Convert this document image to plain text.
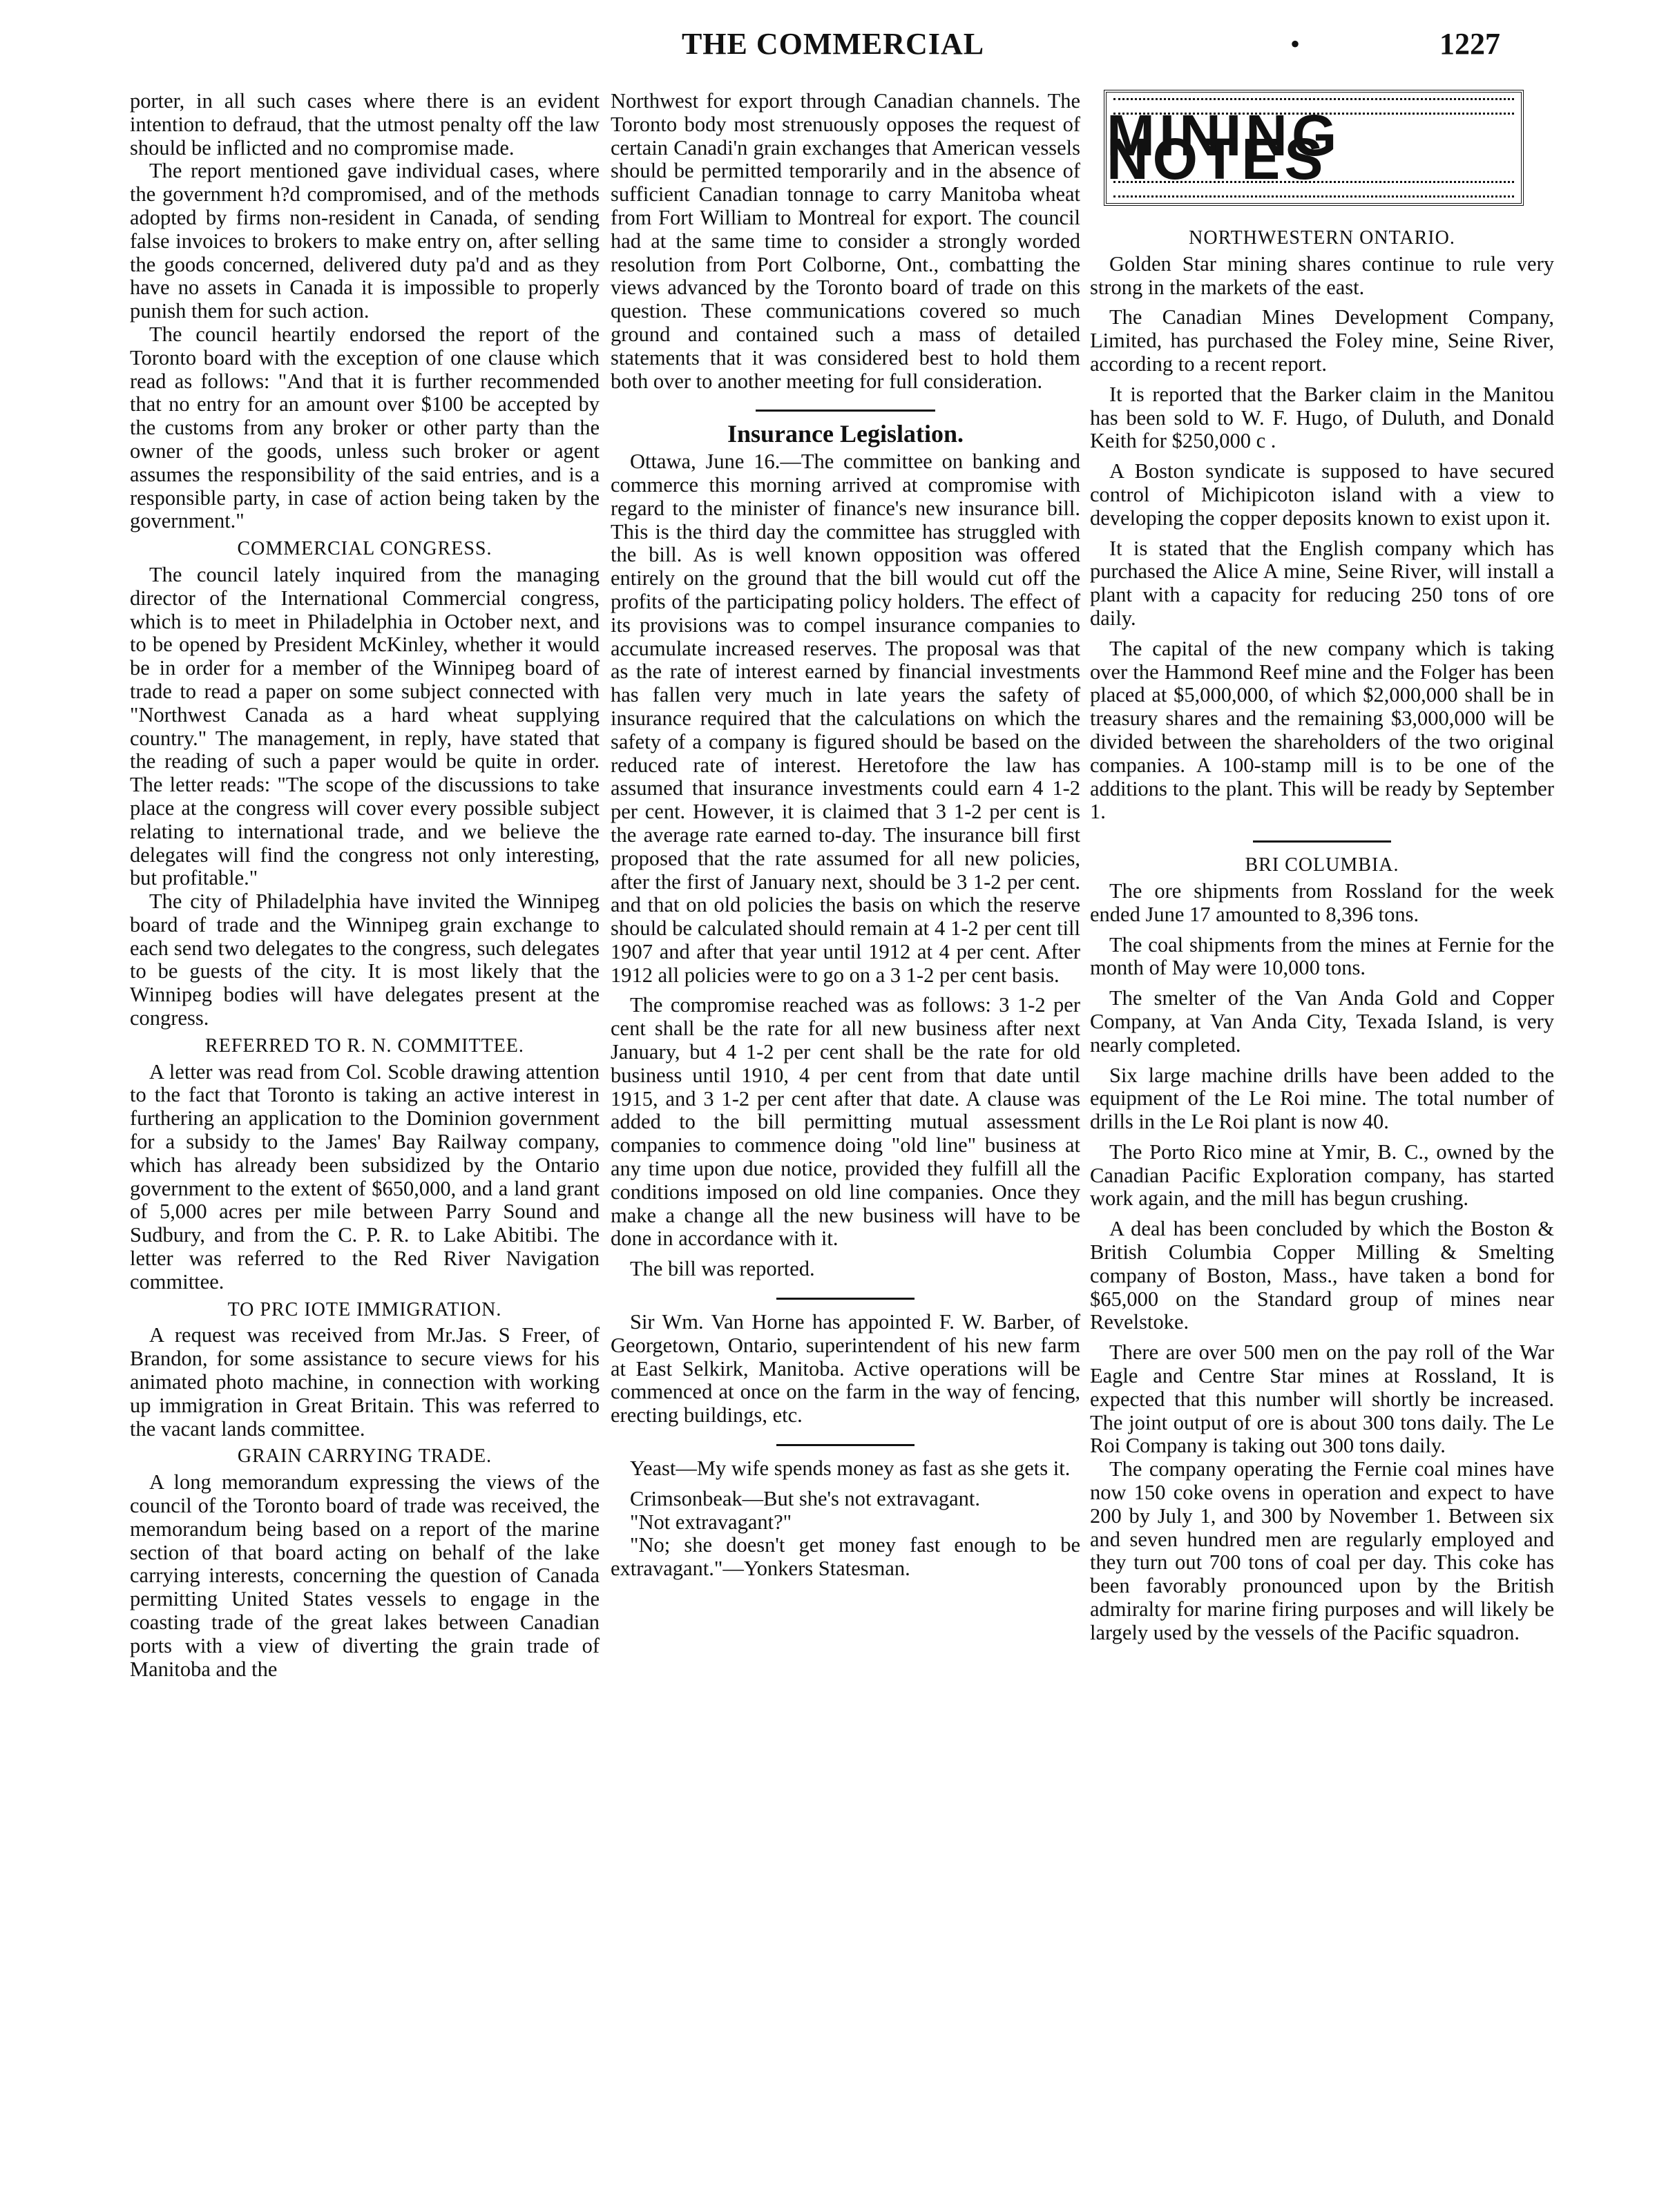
THE COMMERCIAL	•	1227

porter, in all such cases where there is an evident intention to defraud, that the utmost penalty off the law should be inflicted and no compromise made.

The report mentioned gave individual cases, where the government h?d compromised, and of the methods adopted by firms non-resident in Canada, of sending false invoices to brokers to make entry on, after selling the goods concerned, delivered duty pa'd and as they have no assets in Canada it is impossible to properly punish them for such action.

The council heartily endorsed the report of the Toronto board with the exception of one clause which read as follows: "And that it is further recommended that no entry for an amount over $100 be accepted by the customs from any broker or other party than the owner of the goods, unless such broker or agent assumes the responsibility of the said entries, and is a responsible party, in case of action being taken by the government."

COMMERCIAL CONGRESS.

The council lately inquired from the managing director of the International Commercial congress, which is to meet in Philadelphia in October next, and to be opened by President McKinley, whether it would be in order for a member of the Winnipeg board of trade to read a paper on some subject connected with "Northwest Canada as a hard wheat supplying country." The management, in reply, have stated that the reading of such a paper would be quite in order. The letter reads: "The scope of the discussions to take place at the congress will cover every possible subject relating to international trade, and we believe the delegates will find the congress not only interesting, but profitable."

The city of Philadelphia have invited the Winnipeg board of trade and the Winnipeg grain exchange to each send two delegates to the congress, such delegates to be guests of the city. It is most likely that the Winnipeg bodies will have delegates present at the congress.

REFERRED TO R. N. COMMITTEE.

A letter was read from Col. Scoble drawing attention to the fact that Toronto is taking an active interest in furthering an application to the Dominion government for a subsidy to the James' Bay Railway company, which has already been subsidized by the Ontario government to the extent of $650,000, and a land grant of 5,000 acres per mile between Parry Sound and Sudbury, and from the C. P. R. to Lake Abitibi. The letter was referred to the Red River Navigation committee.

TO PRC IOTE IMMIGRATION.

A request was received from Mr.Jas. S Freer, of Brandon, for some assistance to secure views for his animated photo machine, in connection with working up immigration in Great Britain. This was referred to the vacant lands committee.

GRAIN CARRYING TRADE.

A long memorandum expressing the views of the council of the Toronto board of trade was received, the memorandum being based on a report of the marine section of that board acting on behalf of the lake carrying interests, concerning the question of Canada permitting United States vessels to engage in the coasting trade of the great lakes between Canadian ports with a view of diverting the grain trade of Manitoba and the

Northwest for export through Canadian channels. The Toronto body most strenuously opposes the request of certain Canadi'n grain exchanges that American vessels should be permitted temporarily and in the absence of sufficient Canadian tonnage to carry Manitoba wheat from Fort William to Montreal for export. The council had at the same time to consider a strongly worded resolution from Port Colborne, Ont., combatting the views advanced by the Toronto board of trade on this question. These communications covered so much ground and contained such a mass of detailed statements that it was considered best to hold them both over to another meeting for full consideration.

Insurance Legislation.

Ottawa, June 16.—The committee on banking and commerce this morning arrived at compromise with regard to the minister of finance's new insurance bill. This is the third day the committee has struggled with the bill. As is well known opposition was offered entirely on the ground that the bill would cut off the profits of the participating policy holders. The effect of its provisions was to compel insurance companies to accumulate increased reserves. The proposal was that as the rate of interest earned by financial investments has fallen very much in late years the safety of insurance required that the calculations on which the safety of a company is figured should be based on the reduced rate of interest. Heretofore the law has assumed that insurance investments could earn 4 1-2 per cent. However, it is claimed that 3 1-2 per cent is the average rate earned to-day. The insurance bill first proposed that the rate assumed for all new policies, after the first of January next, should be 3 1-2 per cent. and that on old policies the basis on which the reserve should be calculated should remain at 4 1-2 per cent till 1907 and after that year until 1912 at 4 per cent. After 1912 all policies were to go on a 3 1-2 per cent basis.

The compromise reached was as follows: 3 1-2 per cent shall be the rate for all new business after next January, but 4 1-2 per cent shall be the rate for old business until 1910, 4 per cent from that date until 1915, and 3 1-2 per cent after that date. A clause was added to the bill permitting mutual assessment companies to commence doing "old line" business at any time upon due notice, provided they fulfill all the conditions imposed on old line companies. Once they make a change all the new business will have to be done in accordance with it.

The bill was reported.

Sir Wm. Van Horne has appointed F. W. Barber, of Georgetown, Ontario, superintendent of his new farm at East Selkirk, Manitoba. Active operations will be commenced at once on the farm in the way of fencing, erecting buildings, etc.

Yeast—My wife spends money as fast as she gets it.

Crimsonbeak—But she's not extravagant.

"Not extravagant?"

"No; she doesn't get money fast enough to be extravagant."—Yonkers Statesman.

MINING NOTES
NORTHWESTERN ONTARIO.

Golden Star mining shares continue to rule very strong in the markets of the east.

The Canadian Mines Development Company, Limited, has purchased the Foley mine, Seine River, according to a recent report.

It is reported that the Barker claim in the Manitou has been sold to W. F. Hugo, of Duluth, and Donald Keith for $250,000 c .

A Boston syndicate is supposed to have secured control of Michipicoton island with a view to developing the copper deposits known to exist upon it.

It is stated that the English company which has purchased the Alice A mine, Seine River, will install a plant with a capacity for reducing 250 tons of ore daily.

The capital of the new company which is taking over the Hammond Reef mine and the Folger has been placed at $5,000,000, of which $2,000,000 shall be in treasury shares and the remaining $3,000,000 will be divided between the shareholders of the two original companies. A 100-stamp mill is to be one of the additions to the plant. This will be ready by September 1.

BRI COLUMBIA.

The ore shipments from Rossland for the week ended June 17 amounted to 8,396 tons.

The coal shipments from the mines at Fernie for the month of May were 10,000 tons.

The smelter of the Van Anda Gold and Copper Company, at Van Anda City, Texada Island, is very nearly completed.

Six large machine drills have been added to the equipment of the Le Roi mine. The total number of drills in the Le Roi plant is now 40.

The Porto Rico mine at Ymir, B. C., owned by the Canadian Pacific Exploration company, has started work again, and the mill has begun crushing.

A deal has been concluded by which the Boston & British Columbia Copper Milling & Smelting company of Boston, Mass., have taken a bond for $65,000 on the Standard group of mines near Revelstoke.

There are over 500 men on the pay roll of the War Eagle and Centre Star mines at Rossland, It is expected that this number will shortly be increased. The joint output of ore is about 300 tons daily. The Le Roi Company is taking out 300 tons daily.

The company operating the Fernie coal mines have now 150 coke ovens in operation and expect to have 200 by July 1, and 300 by November 1. Between six and seven hundred men are regularly employed and they turn out 700 tons of coal per day. This coke has been favorably pronounced upon by the British admiralty for marine firing purposes and will likely be largely used by the vessels of the Pacific squadron.
